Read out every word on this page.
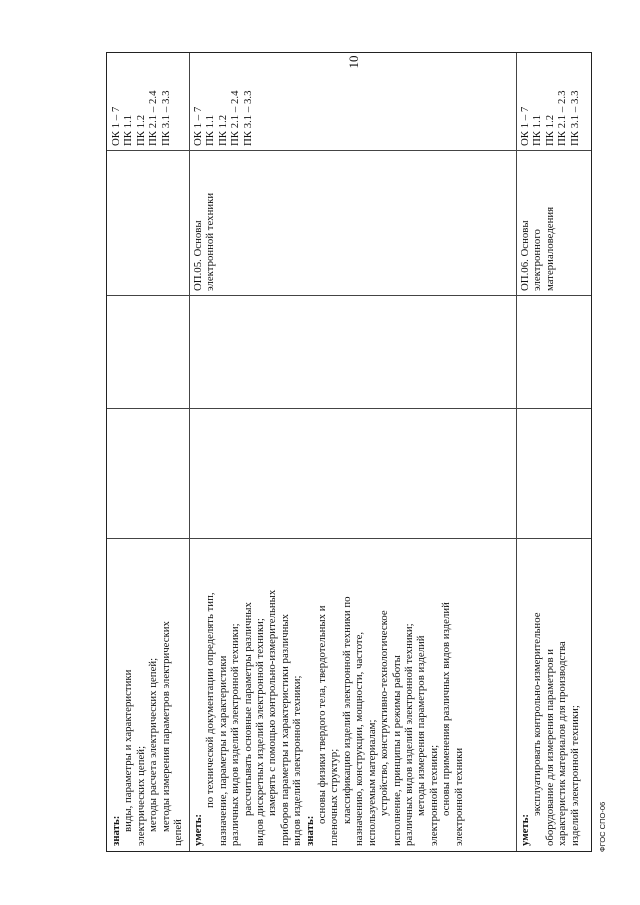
знать: виды, параметры и характеристики электрических цепей; методы расчета электрических цепей; методы измерения параметров электрических
цепей
ОК 1 – 7 ПК 1.1 ПК 1.2 ПК 2.1 – 2.4 ПК 3.1 – 3.3
уметь:
по технической документации определять тип, назначение, параметры и характеристики различных видов изделий электронной техники; рассчитывать основные параметры различных видов дискретных изделий электронной техники; измерять с помощью контрольно-измерительных приборов параметры и характеристики различных видов изделий электронной техники; знать:
основы физики твердого тела, твердотельных и пленочных структур; классификацию изделий электронной техники по назначению, конструкции, мощности, частоте, используемым материалам; устройство, конструктивно-технологическое исполнение, принципы и режимы работы различных видов изделий электронной техники; методы измерения параметров изделий электронной техники; основы применения различных видов изделий электронной техники
ОП.05. Основы электронной техники
ОК 1 – 7 ПК 1.1 ПК 1.2 ПК 2.1 – 2.4 ПК 3.1 – 3.3
уметь:
эксплуатировать контрольно-измерительное оборудование для измерения параметров и характеристик материалов для производства изделий электронной техники;
ОП.06. Основы электронного материаловедения
ОК 1 – 7 ПК 1.1 ПК 1.2 ПК 2.1 – 2.3 ПК 3.1 – 3.3
10
ФГОС СПО-06
